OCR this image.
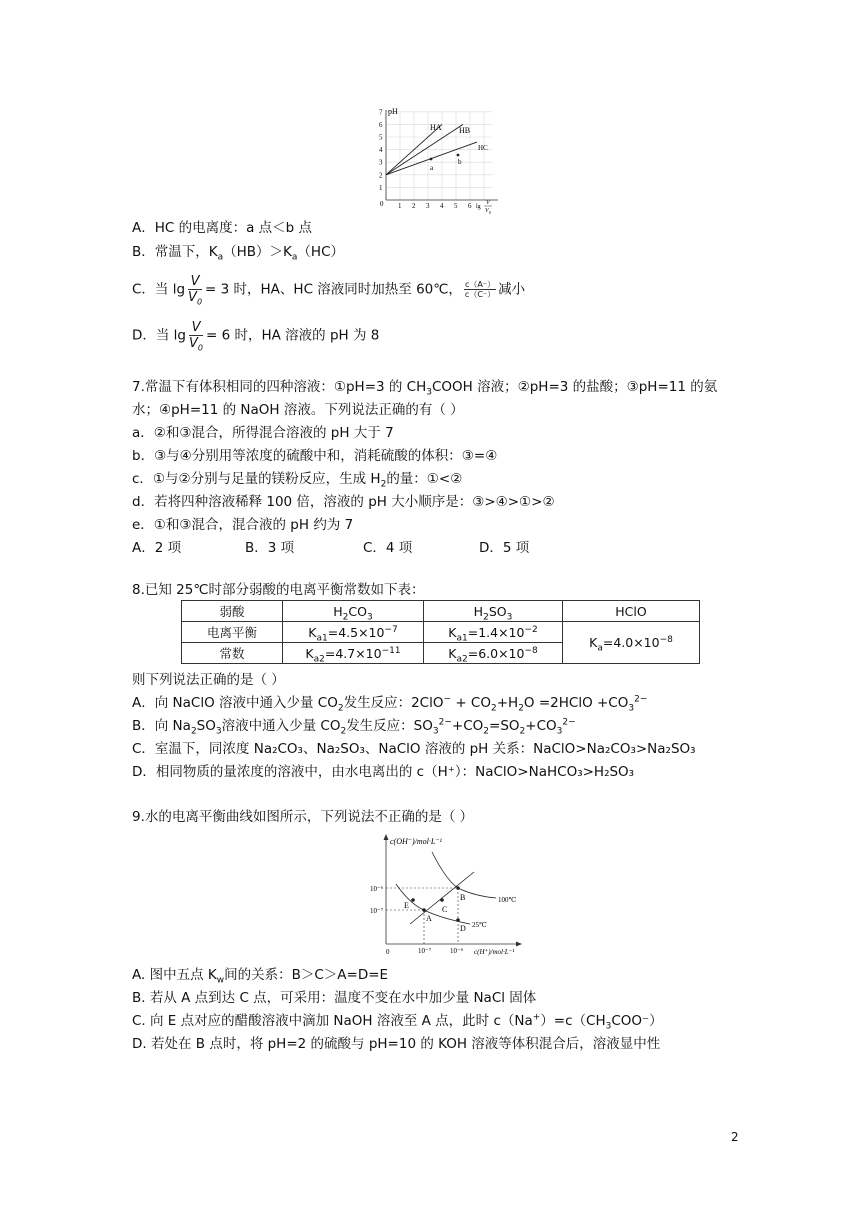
pH
0
1
2
3
4
5
6
7
1 2 3 4 5 6
HA HB
HC
a
b
lg
V
V 0
A．HC 的电离度：a 点＜b 点
B．常温下，$K_a(HB)>K_a(HC)$
C．当 $\lg \frac{V}{V_0} = 3$ 时，HA、HC 溶液同时加热至 60℃， $\frac{c(A^-)}{c(C^-)}$ 减小
D．当 $\lg \frac{V}{V_0} = 6$ 时，HA 溶液的 pH 为 8
7.常温下有体积相同的四种溶液：①pH=3 的 $CH_3COOH$ 溶液；②pH=3 的盐酸；③pH=11 的氨
水；④pH=11 的 NaOH 溶液。下列说法正确的有（ ）
a．②和③混合，所得混合溶液的 pH 大于 7
b．③与④分别用等浓度的硫酸中和，消耗硫酸的体积：③=④
c．①与②分别与足量的镁粉反应，生成 $H_2$的量：①<②
d．若将四种溶液稀释 100 倍，溶液的 pH 大小顺序是：③>④>①>②
e．①和③混合，混合液的 pH 约为 7
A．2 项	B．3 项	C．4 项	D．5 项
8.已知 25℃时部分弱酸的电离平衡常数如下表：
弱酸	$H_2CO_3$	$H_2SO_3$	HClO
电离平衡	$K_{a1}=4.5\times 10^{-7}$	$K_{a1}=1.4\times 10^{-2}$	$K_a=4.0\times 10^{-8}$
常数	$K_{a2}=4.7\times 10^{-11}$	$K_{a2}=6.0\times 10^{-8}$
则下列说法正确的是（ ）
A．向 NaClO 溶液中通入少量 $CO_2$发生反应：$2ClO^- + CO_2+H_2O$ =2HClO $+CO_3^{2-}$
B．向 $Na_2SO_3$溶液中通入少量 $CO_2$发生反应：$SO_3^{2-}+CO_2=SO_2+CO_3^{2-}$
C．室温下，同浓度 Na₂CO₃、Na₂SO₃、NaClO 溶液的 pH 关系：NaClO>Na₂CO₃>Na₂SO₃
D．相同物质的量浓度的溶液中，由水电离出的 c（H⁺）：NaClO>NaHCO₃>H₂SO₃
9.水的电离平衡曲线如图所示，下列说法不正确的是（ ）
c(OH⁻)/mol·L⁻¹
c(H⁺)/mol·L⁻¹
0
10⁻⁶
10⁻⁷
10⁻⁷	10⁻⁶
100℃
25℃
A
B
C
D
E
A. 图中五点 $K_w$间的关系：B＞C＞A=D=E
B. 若从 A 点到达 C 点，可采用：温度不变在水中加少量 NaCl 固体
C. 向 E 点对应的醋酸溶液中滴加 NaOH 溶液至 A 点，此时 $c(Na^+)=c(CH_3COO^-)$
D. 若处在 B 点时，将 pH=2 的硫酸与 pH=10 的 KOH 溶液等体积混合后，溶液显中性
2
